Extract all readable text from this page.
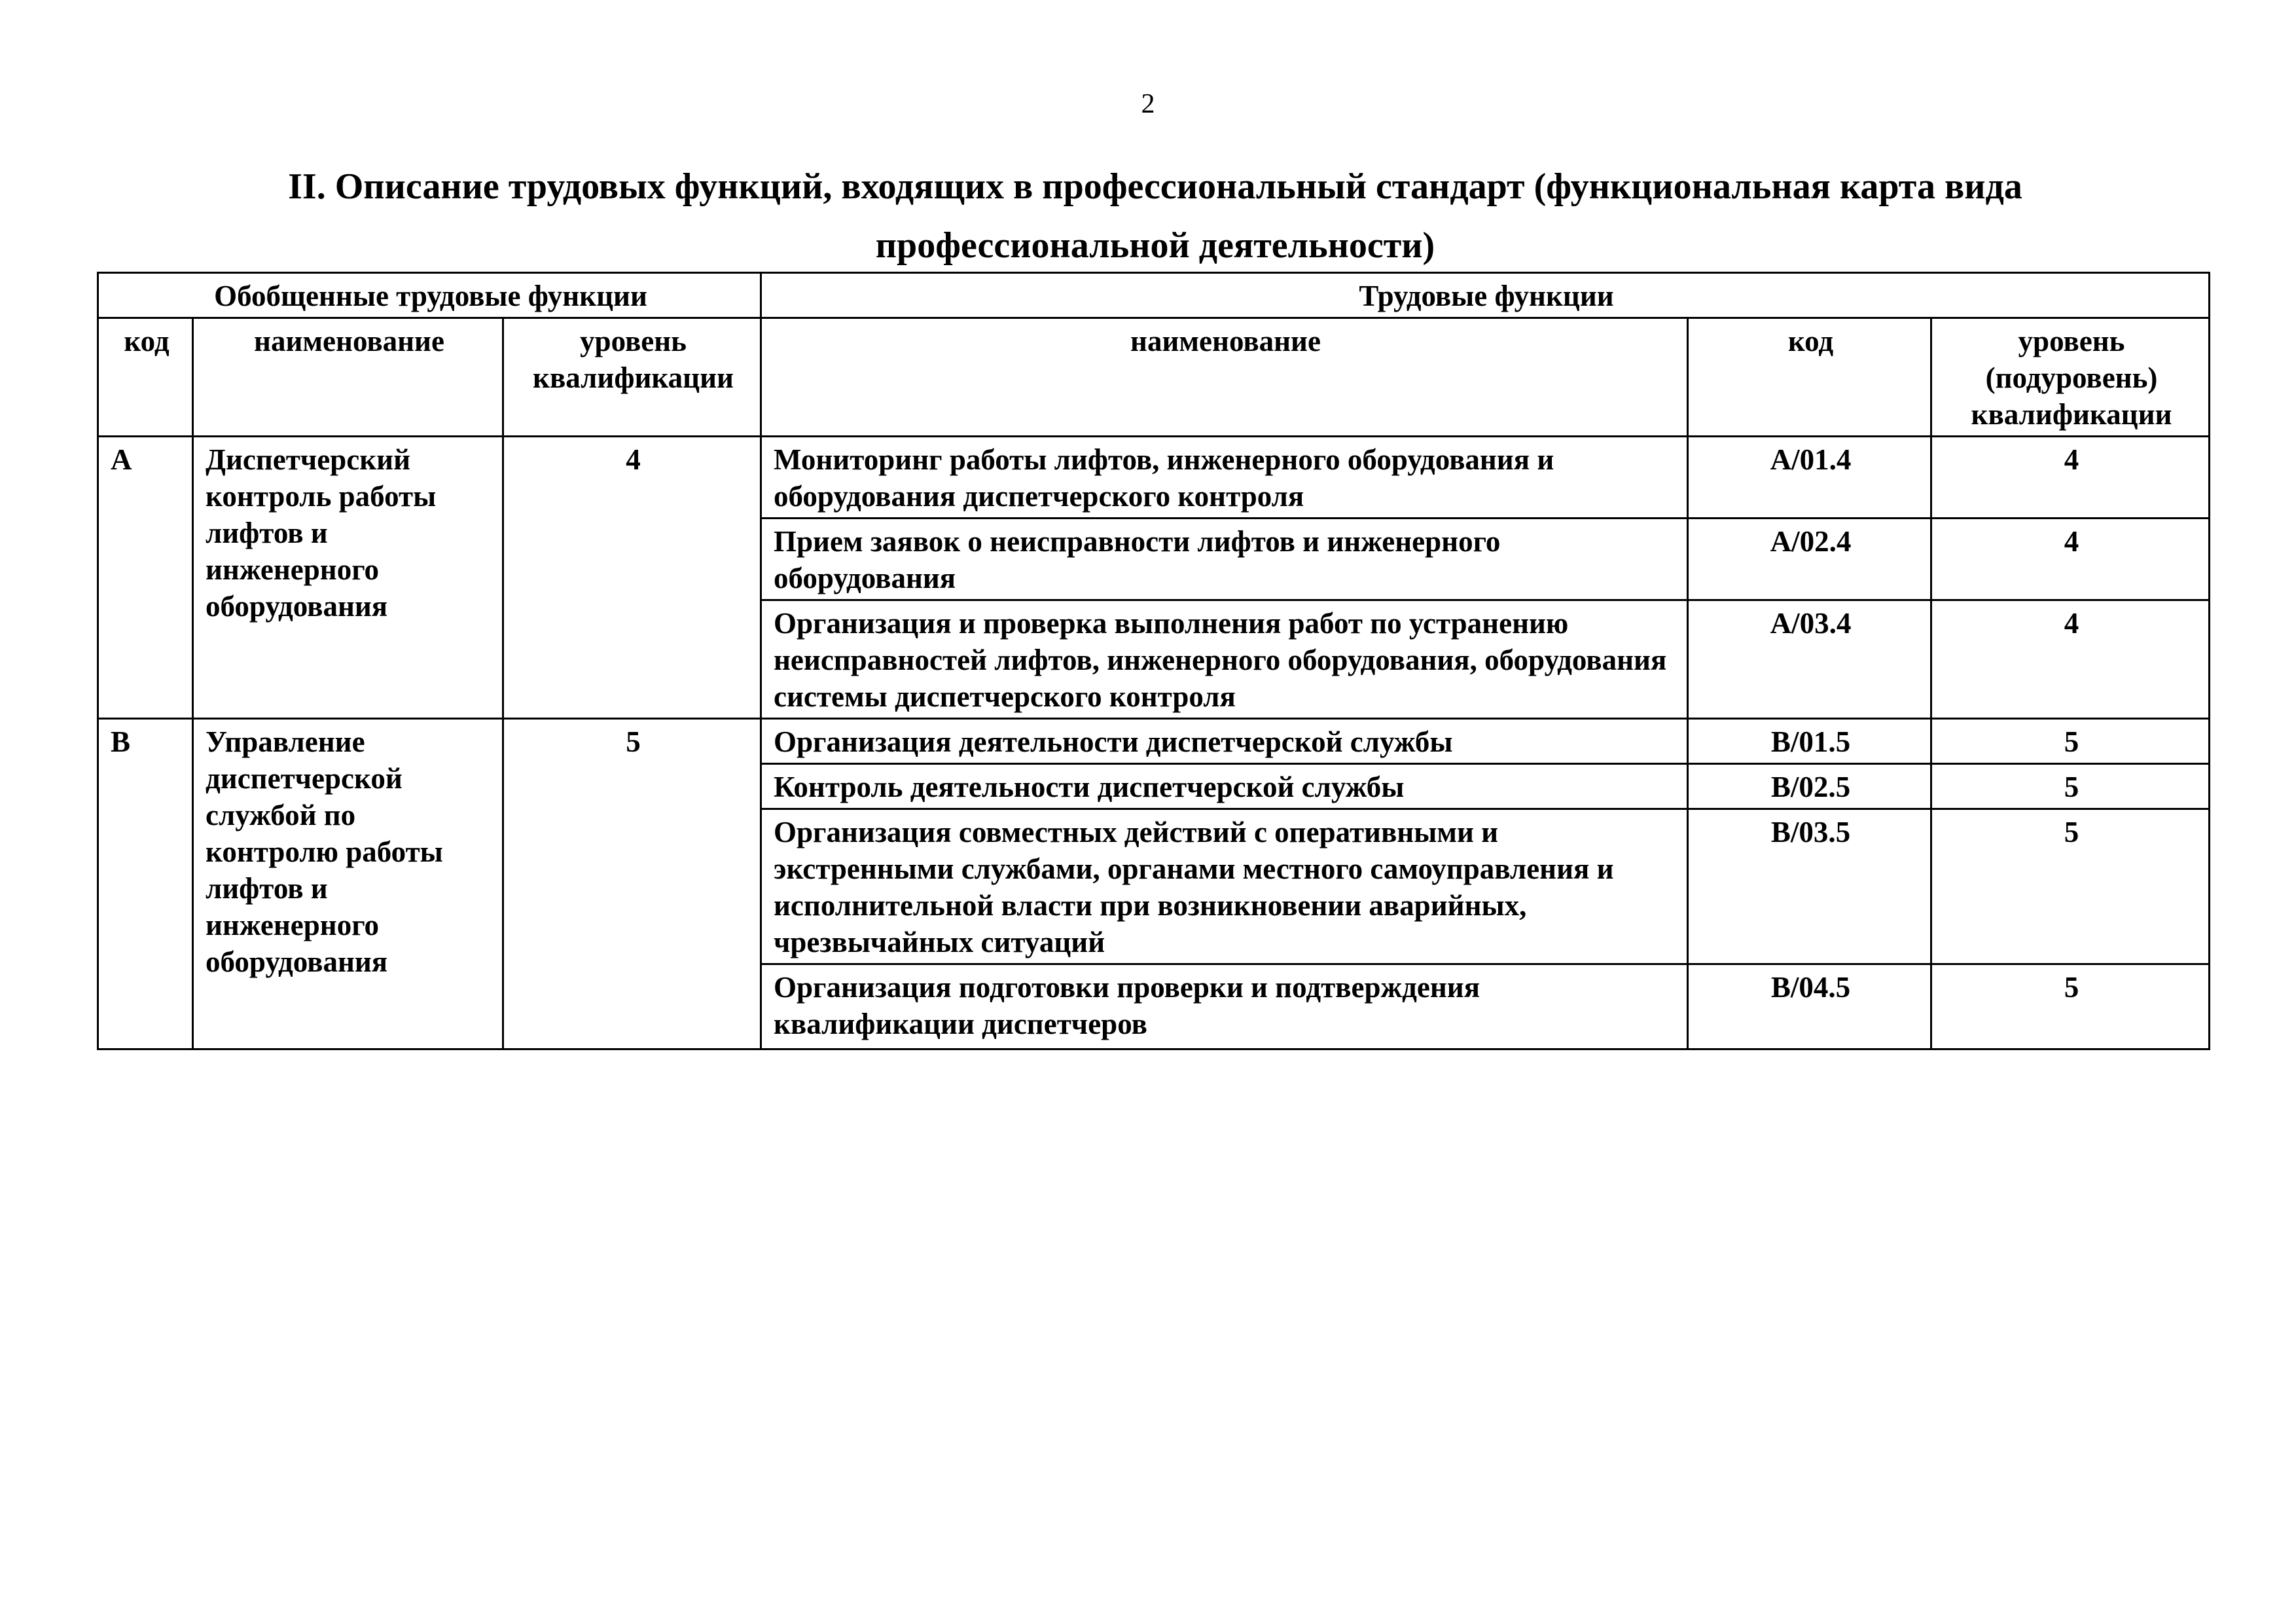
2
II. Описание трудовых функций, входящих в профессиональный стандарт (функциональная карта вида профессиональной деятельности)
Обобщенные трудовые функции			Трудовые функции		
код	наименование	уровень квалификации	наименование	код	уровень (подуровень) квалификации
A	Диспетчерский контроль работы лифтов и инженерного оборудования	4	Мониторинг работы лифтов, инженерного оборудования и оборудования диспетчерского контроля	A/01.4	4
			Прием заявок о неисправности лифтов и инженерного оборудования	A/02.4	4
			Организация и проверка выполнения работ по устранению неисправностей лифтов, инженерного оборудования, оборудования системы диспетчерского контроля	A/03.4	4
B	Управление диспетчерской службой по контролю работы лифтов и инженерного оборудования	5	Организация деятельности диспетчерской службы	B/01.5	5
			Контроль деятельности диспетчерской службы	B/02.5	5
			Организация совместных действий с оперативными и экстренными службами, органами местного самоуправления и исполнительной власти при возникновении аварийных, чрезвычайных ситуаций	B/03.5	5
			Организация подготовки проверки и подтверждения квалификации диспетчеров	B/04.5	5
